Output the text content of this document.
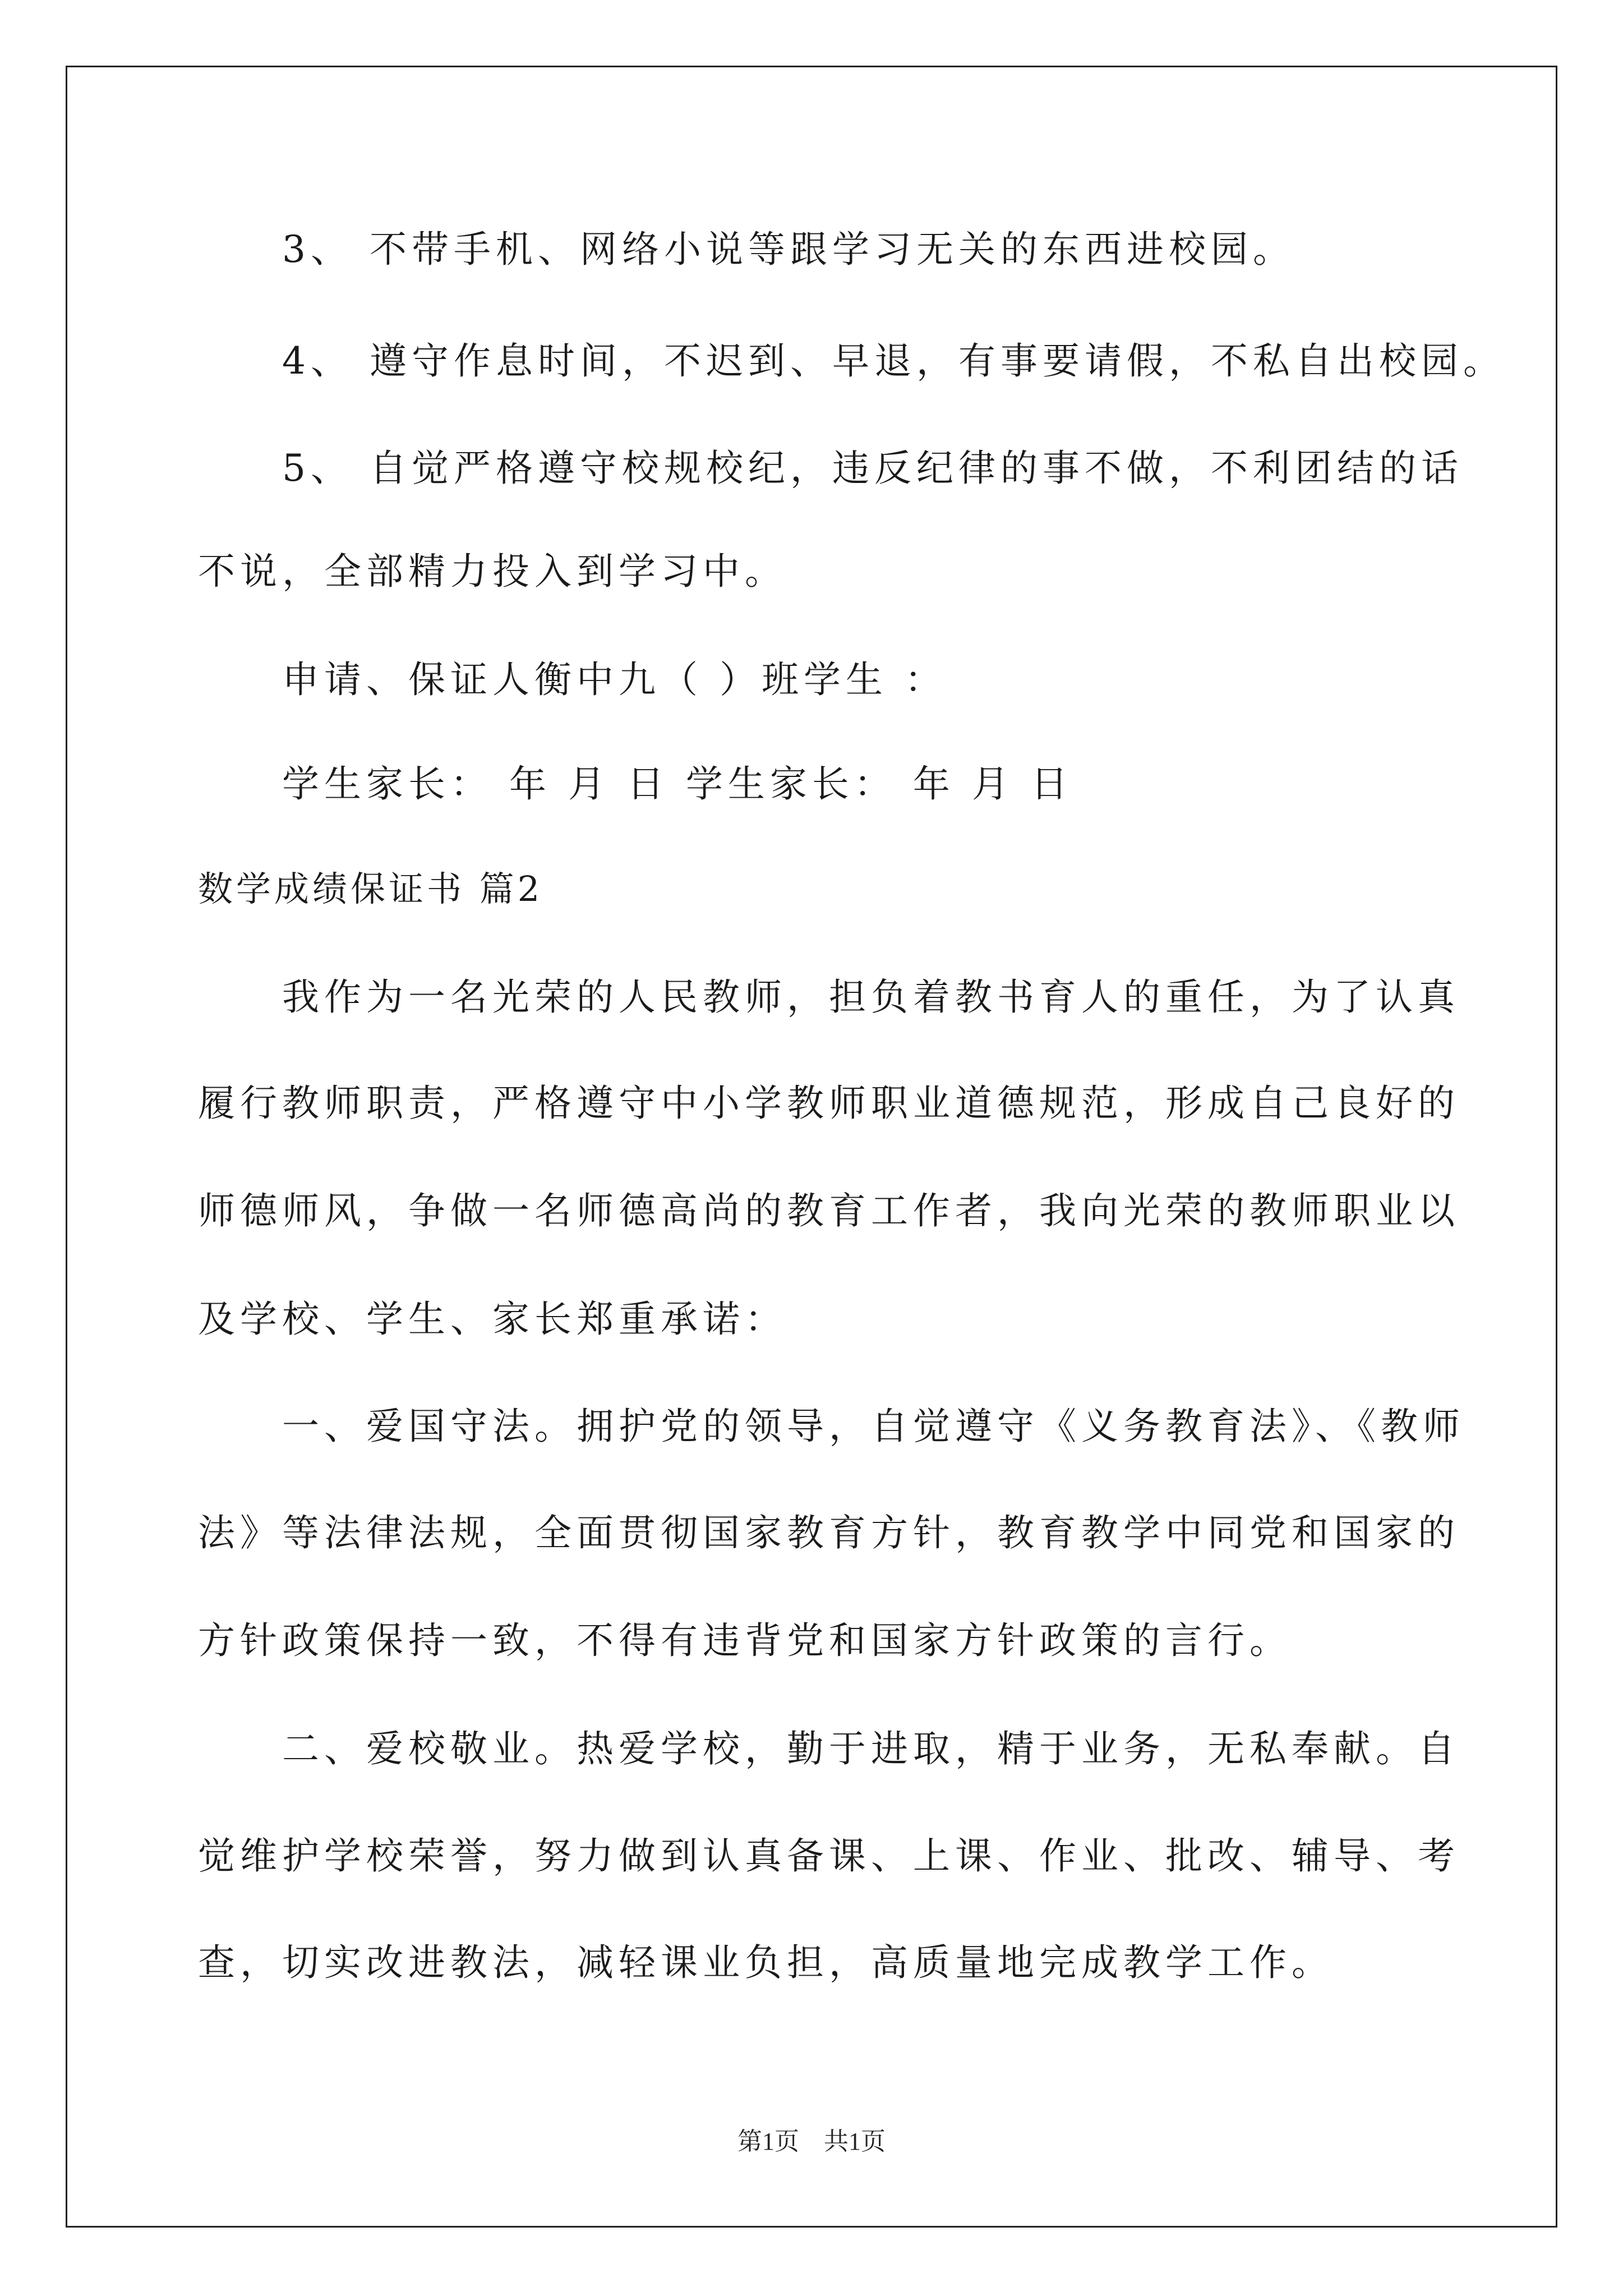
3、 不带手机、网络小说等跟学习无关的东西进校园。
4、 遵守作息时间，不迟到、早退，有事要请假，不私自出校园。
5、 自觉严格遵守校规校纪，违反纪律的事不做，不利团结的话
不说，全部精力投入到学习中。
申请、保证人衡中九（ ）班学生 ：
学生家长： 年 月 日 学生家长： 年 月 日
数学成绩保证书 篇2
我作为一名光荣的人民教师，担负着教书育人的重任，为了认真
履行教师职责，严格遵守中小学教师职业道德规范，形成自己良好的
师德师风，争做一名师德高尚的教育工作者，我向光荣的教师职业以
及学校、学生、家长郑重承诺：
一、爱国守法。拥护党的领导，自觉遵守《义务教育法》、《教师
法》等法律法规，全面贯彻国家教育方针，教育教学中同党和国家的
方针政策保持一致，不得有违背党和国家方针政策的言行。
二、爱校敬业。热爱学校，勤于进取，精于业务，无私奉献。自
觉维护学校荣誉，努力做到认真备课、上课、作业、批改、辅导、考
查，切实改进教法，减轻课业负担，高质量地完成教学工作。
第1页　共1页
